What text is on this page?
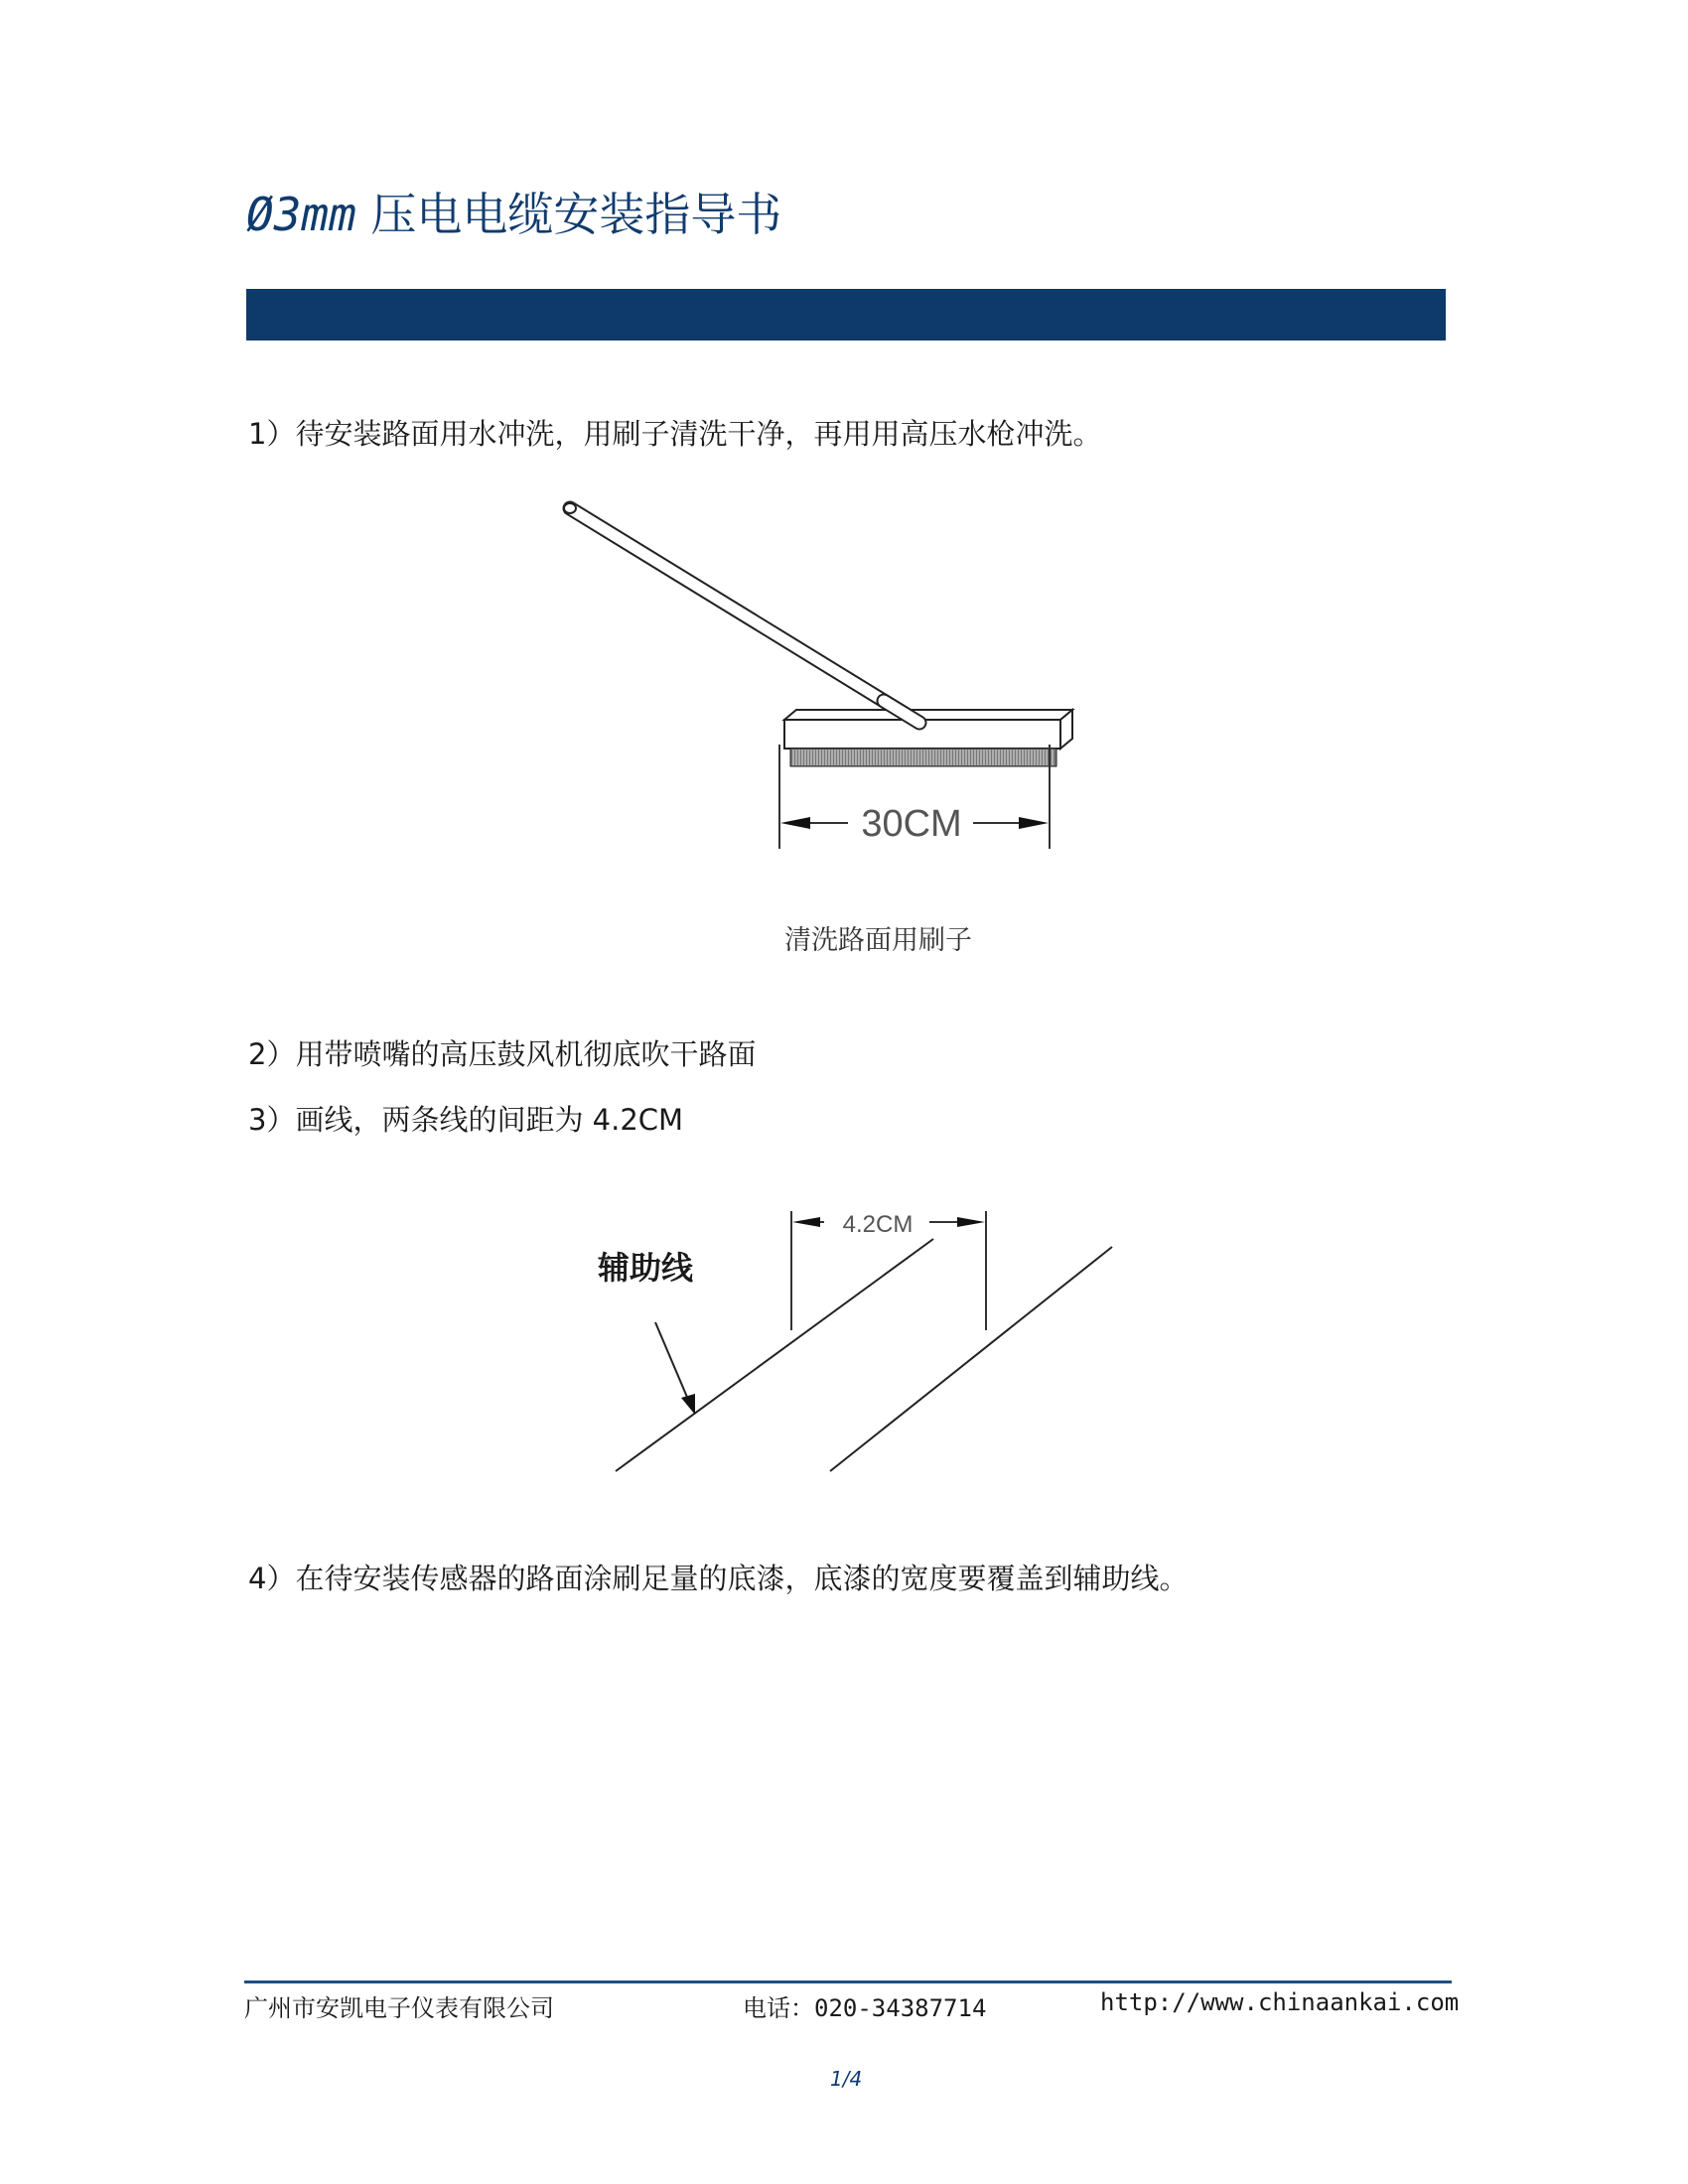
Ø3mm 压电电缆安装指导书
1）待安装路面用水冲洗，用刷子清洗干净，再用用高压水枪冲洗。
30CM
清洗路面用刷子
2）用带喷嘴的高压鼓风机彻底吹干路面
3）画线，两条线的间距为 4.2CM
4.2CM
辅助线
4）在待安装传感器的路面涂刷足量的底漆，底漆的宽度要覆盖到辅助线。
广州市安凯电子仪表有限公司	电话：020-34387714	http://www.chinaankai.com
1/4
